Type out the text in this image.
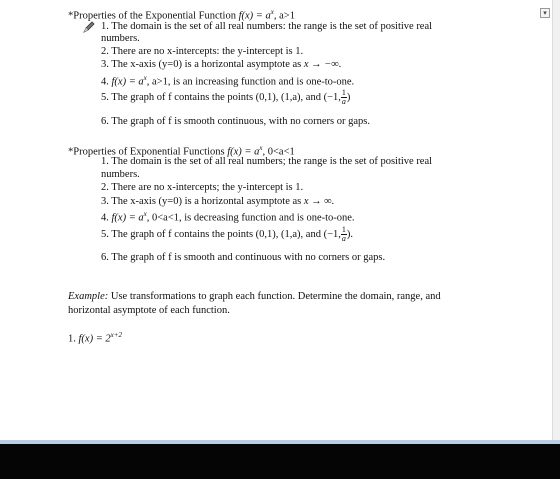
*Properties of the Exponential Function $f(x) = a^x$, a>1
1. The domain is the set of all real numbers: the range is the set of positive real
numbers.
2. There are no x-intercepts: the y-intercept is 1.
3. The x-axis (y=0) is a horizontal asymptote as x → −∞.
4. $f(x) = a^x$, a>1, is an increasing function and is one-to-one.
5. The graph of f contains the points (0,1), (1,a), and (−1, $\frac{1}{a}$ )
6. The graph of f is smooth continuous, with no corners or gaps.
*Properties of Exponential Functions $f(x) = a^x$, 0<a<1
1. The domain is the set of all real numbers; the range is the set of positive real
numbers.
2. There are no x-intercepts; the y-intercept is 1.
3. The x-axis (y=0) is a horizontal asymptote as x → ∞.
4. $f(x) = a^x$, 0<a<1, is decreasing function and is one-to-one.
5. The graph of f contains the points (0,1), (1,a), and (−1, $\frac{1}{a}$ ).
6. The graph of f is smooth and continuous with no corners or gaps.
Example: Use transformations to graph each function. Determine the domain, range, and
horizontal asymptote of each function.
1. $f(x) = 2^{x+2}$
▾
